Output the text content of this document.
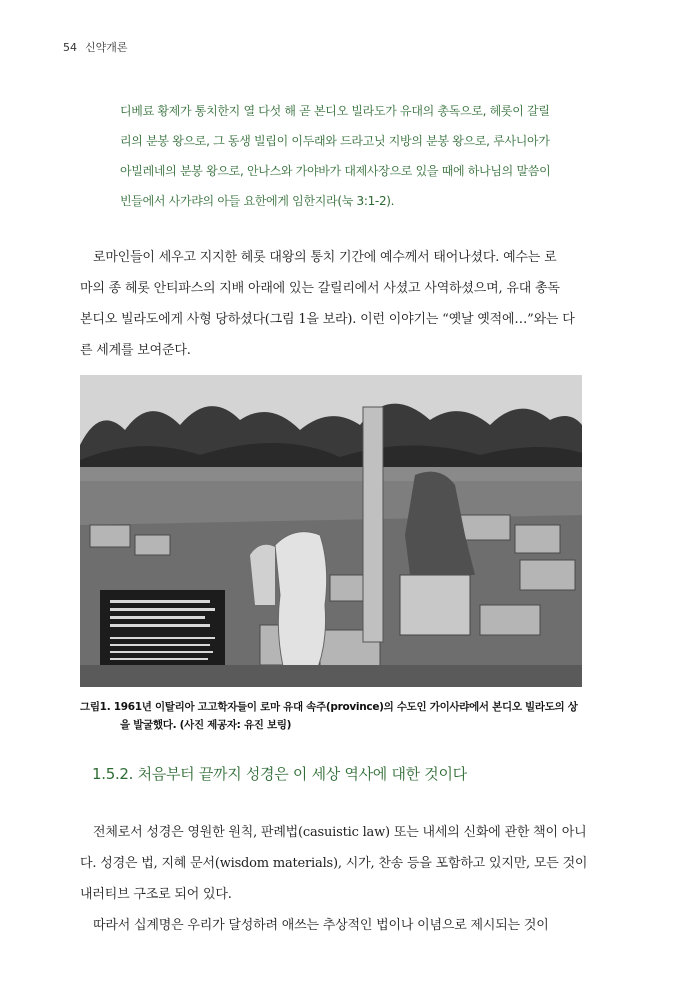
54 신약개론

디베료 황제가 통치한지 열 다섯 해 곧 본디오 빌라도가 유대의 총독으로, 헤롯이 갈릴

리의 분봉 왕으로, 그 동생 빌립이 이두래와 드라고닛 지방의 분봉 왕으로, 루사니아가

아빌레네의 분봉 왕으로, 안나스와 가야바가 대제사장으로 있을 때에 하나님의 말씀이

빈들에서 사가랴의 아들 요한에게 임한지라(눅 3:1-2).

로마인들이 세우고 지지한 헤롯 대왕의 통치 기간에 예수께서 태어나셨다. 예수는 로

마의 종 헤롯 안티파스의 지배 아래에 있는 갈릴리에서 사셨고 사역하셨으며, 유대 총독

본디오 빌라도에게 사형 당하셨다(그림 1을 보라). 이런 이야기는 “옛날 옛적에…”와는 다

른 세계를 보여준다.

그림1. 1961년 이탈리아 고고학자들이 로마 유대 속주(province)의 수도인 가이사랴에서 본디오 빌라도의 상

을 발굴했다. (사진 제공자: 유진 보링)

1.5.2. 처음부터 끝까지 성경은 이 세상 역사에 대한 것이다

전체로서 성경은 영원한 원칙, 판례법(casuistic law) 또는 내세의 신화에 관한 책이 아니

다. 성경은 법, 지혜 문서(wisdom materials), 시가, 찬송 등을 포함하고 있지만, 모든 것이

내러티브 구조로 되어 있다.

따라서 십계명은 우리가 달성하려 애쓰는 추상적인 법이나 이념으로 제시되는 것이
